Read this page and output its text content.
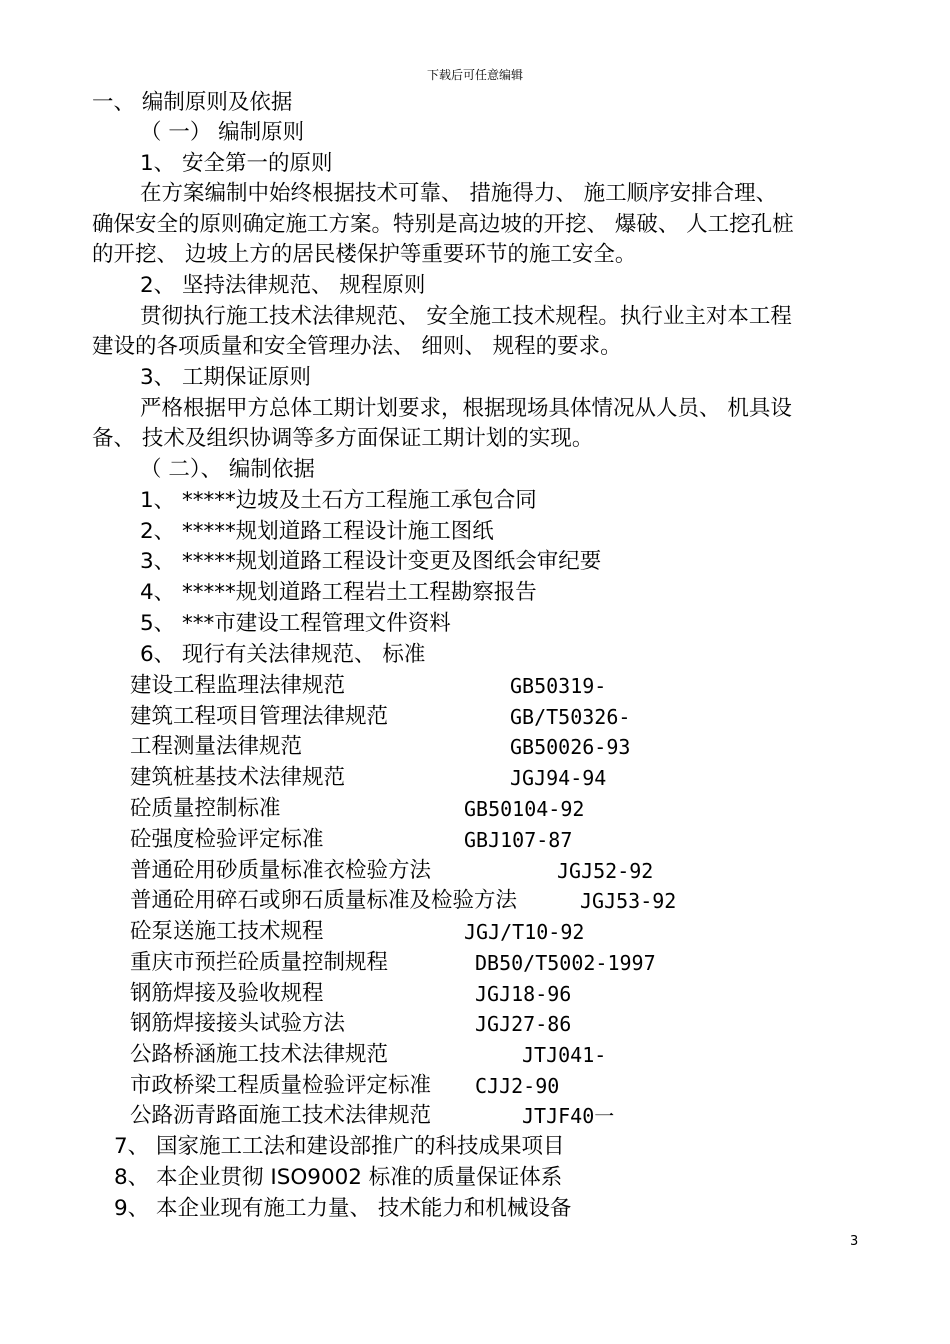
下载后可任意编辑
一、 编制原则及依据
（ 一） 编制原则
1、 安全第一的原则
在方案编制中始终根据技术可靠、 措施得力、 施工顺序安排合理、
确保安全的原则确定施工方案。特别是高边坡的开挖、 爆破、 人工挖孔桩
的开挖、 边坡上方的居民楼保护等重要环节的施工安全。
2、 坚持法律规范、 规程原则
贯彻执行施工技术法律规范、 安全施工技术规程。执行业主对本工程
建设的各项质量和安全管理办法、 细则、 规程的要求。
3、 工期保证原则
严格根据甲方总体工期计划要求，根据现场具体情况从人员、 机具设
备、 技术及组织协调等多方面保证工期计划的实现。
（ 二）、 编制依据
1、 *****边坡及土石方工程施工承包合同
2、 *****规划道路工程设计施工图纸
3、 *****规划道路工程设计变更及图纸会审纪要
4、 *****规划道路工程岩土工程勘察报告
5、 ***市建设工程管理文件资料
6、 现行有关法律规范、 标准
建设工程监理法律规范	GB50319-
建筑工程项目管理法律规范	GB/T50326-
工程测量法律规范	GB50026-93
建筑桩基技术法律规范	JGJ94-94
砼质量控制标准	GB50104-92
砼强度检验评定标准	GBJ107-87
普通砼用砂质量标准衣检验方法	JGJ52-92
普通砼用碎石或卵石质量标准及检验方法	JGJ53-92
砼泵送施工技术规程	JGJ/T10-92
重庆市预拦砼质量控制规程	DB50/T5002-1997
钢筋焊接及验收规程	JGJ18-96
钢筋焊接接头试验方法	JGJ27-86
公路桥涵施工技术法律规范	JTJ041-
市政桥梁工程质量检验评定标准 CJJ2-90
公路沥青路面施工技术法律规范	JTJF40一
7、 国家施工工法和建设部推广的科技成果项目
8、 本企业贯彻 ISO9002 标准的质量保证体系
9、 本企业现有施工力量、 技术能力和机械设备
3
